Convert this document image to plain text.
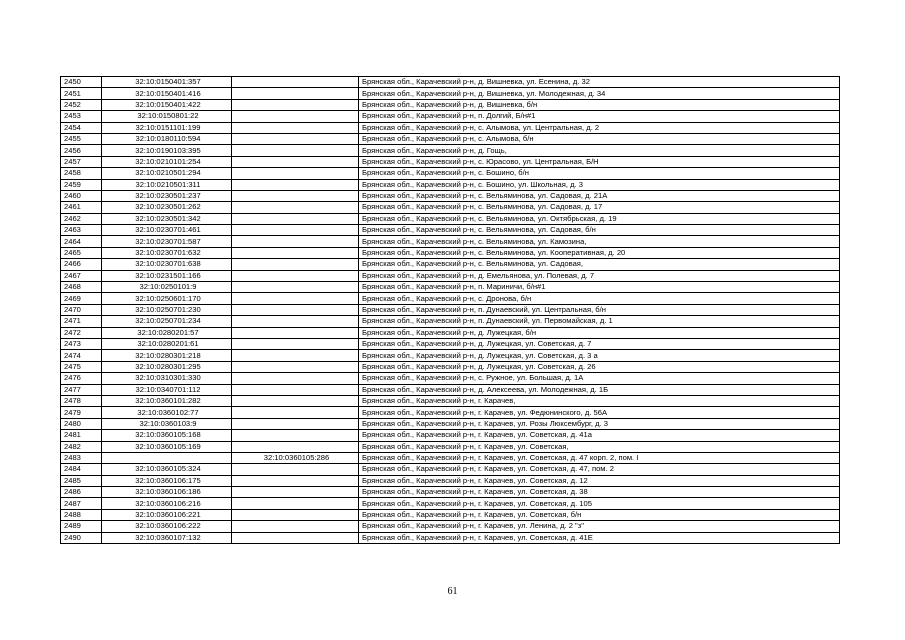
2450	32:10:0150401:357		Брянская обл., Карачевский р-н, д. Вишневка, ул. Есенина, д. 32
2451	32:10:0150401:416		Брянская обл., Карачевский р-н, д. Вишневка, ул. Молодежная, д. 34
2452	32:10:0150401:422		Брянская обл., Карачевский р-н, д. Вишневка, б/н
2453	32:10:0150801:22		Брянская обл., Карачевский р-н, п. Долгий, Б/н#1
2454	32:10:0151101:199		Брянская обл., Карачевский р-н, с. Алымова, ул. Центральная, д. 2
2455	32:10:0180110:594		Брянская обл., Карачевский р-н, с. Алымова, б/н
2456	32:10:0190103:395		Брянская обл., Карачевский р-н, д. Гощь,
2457	32:10:0210101:254		Брянская обл., Карачевский р-н, с. Юрасово, ул. Центральная, Б/Н
2458	32:10:0210501:294		Брянская обл., Карачевский р-н, с. Бошино, б/н
2459	32:10:0210501:311		Брянская обл., Карачевский р-н, с. Бошино, ул. Школьная, д. 3
2460	32:10:0230501:237		Брянская обл., Карачевский р-н, с. Вельяминова, ул. Садовая, д. 21А
2461	32:10:0230501:262		Брянская обл., Карачевский р-н, с. Вельяминова, ул. Садовая, д. 17
2462	32:10:0230501:342		Брянская обл., Карачевский р-н, с. Вельяминова, ул. Октябрьская, д. 19
2463	32:10:0230701:461		Брянская обл., Карачевский р-н, с. Вельяминова, ул. Садовая, б/н
2464	32:10:0230701:587		Брянская обл., Карачевский р-н, с. Вельяминова, ул. Камозина,
2465	32:10:0230701:632		Брянская обл., Карачевский р-н, с. Вельяминова, ул. Кооперативная, д. 20
2466	32:10:0230701:638		Брянская обл., Карачевский р-н, с. Вельяминова, ул. Садовая,
2467	32:10:0231501:166		Брянская обл., Карачевский р-н, д. Емельянова, ул. Полевая, д. 7
2468	32:10:0250101:9		Брянская обл., Карачевский р-н, п. Мариничи, б/н#1
2469	32:10:0250601:170		Брянская обл., Карачевский р-н, с. Дронова, б/н
2470	32:10:0250701:230		Брянская обл., Карачевский р-н, п. Дунаевский, ул. Центральная, б/н
2471	32:10:0250701:234		Брянская обл., Карачевский р-н, п. Дунаевский, ул. Первомайская, д. 1
2472	32:10:0280201:57		Брянская обл., Карачевский р-н, д. Лужецкая, б/н
2473	32:10:0280201:61		Брянская обл., Карачевский р-н, д. Лужецкая, ул. Советская, д. 7
2474	32:10:0280301:218		Брянская обл., Карачевский р-н, д. Лужецкая, ул. Советская, д. 3 а
2475	32:10:0280301:295		Брянская обл., Карачевский р-н, д. Лужецкая, ул. Советская, д. 26
2476	32:10:0310301:330		Брянская обл., Карачевский р-н, с. Ружное, ул. Большая, д. 1А
2477	32:10:0340701:112		Брянская обл., Карачевский р-н, д. Алексеева, ул. Молодежная, д. 1Б
2478	32:10:0360101:282		Брянская обл., Карачевский р-н, г. Карачев,
2479	32:10:0360102:77		Брянская обл., Карачевский р-н, г. Карачев, ул. Федюнинского, д. 56А
2480	32:10:0360103:9		Брянская обл., Карачевский р-н, г. Карачев, ул. Розы Люксембург, д. 3
2481	32:10:0360105:168		Брянская обл., Карачевский р-н, г. Карачев, ул. Советская, д. 41а
2482	32:10:0360105:169		Брянская обл., Карачевский р-н, г. Карачев, ул. Советская,
2483		32:10:0360105:286	Брянская обл., Карачевский р-н, г. Карачев, ул. Советская, д. 47 корп. 2, пом. I
2484	32:10:0360105:324		Брянская обл., Карачевский р-н, г. Карачев, ул. Советская, д. 47, пом. 2
2485	32:10:0360106:175		Брянская обл., Карачевский р-н, г. Карачев, ул. Советская, д. 12
2486	32:10:0360106:186		Брянская обл., Карачевский р-н, г. Карачев, ул. Советская, д. 38
2487	32:10:0360106:216		Брянская обл., Карачевский р-н, г. Карачев, ул. Советская, д. 105
2488	32:10:0360106:221		Брянская обл., Карачевский р-н, г. Карачев, ул. Советская, б/н
2489	32:10:0360106:222		Брянская обл., Карачевский р-н, г. Карачев, ул. Ленина, д. 2 "з"
2490	32:10:0360107:132		Брянская обл., Карачевский р-н, г. Карачев, ул. Советская, д. 41Е
61
